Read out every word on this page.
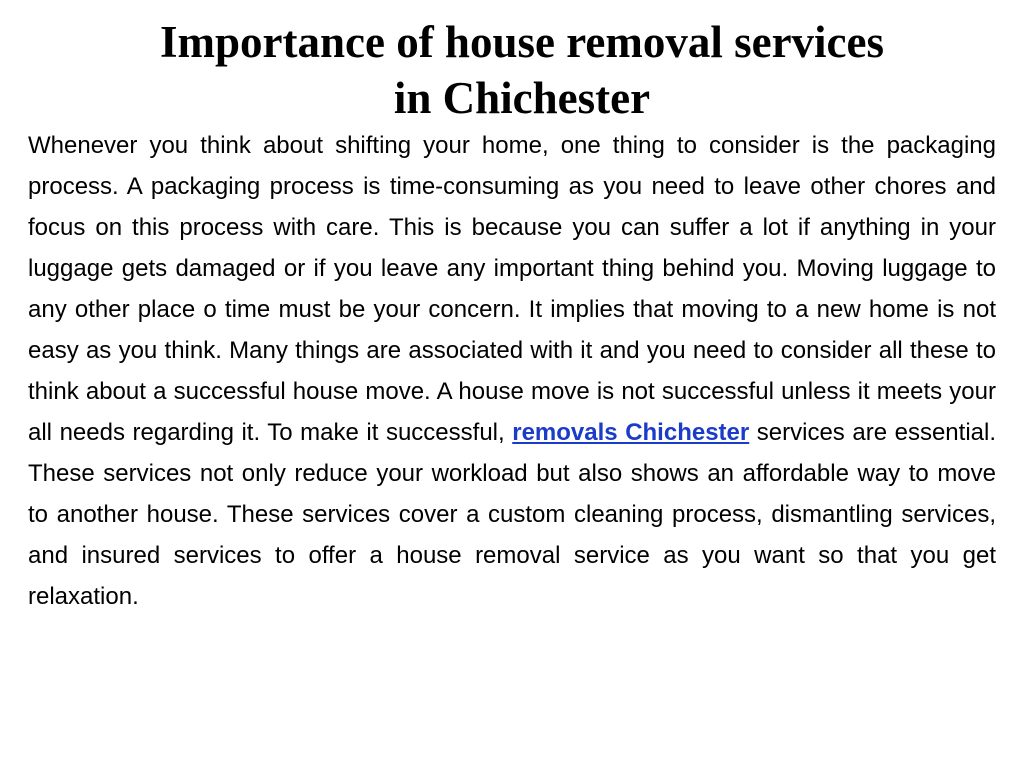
Importance of house removal services
in Chichester

Whenever you think about shifting your home, one thing to consider is the packaging process. A packaging process is time-consuming as you need to leave other chores and focus on this process with care. This is because you can suffer a lot if anything in your luggage gets damaged or if you leave any important thing behind you. Moving luggage to any other place o time must be your concern. It implies that moving to a new home is not easy as you think. Many things are associated with it and you need to consider all these to think about a successful house move. A house move is not successful unless it meets your all needs regarding it. To make it successful, removals Chichester services are essential. These services not only reduce your workload but also shows an affordable way to move to another house. These services cover a custom cleaning process, dismantling services, and insured services to offer a house removal service as you want so that you get relaxation.
